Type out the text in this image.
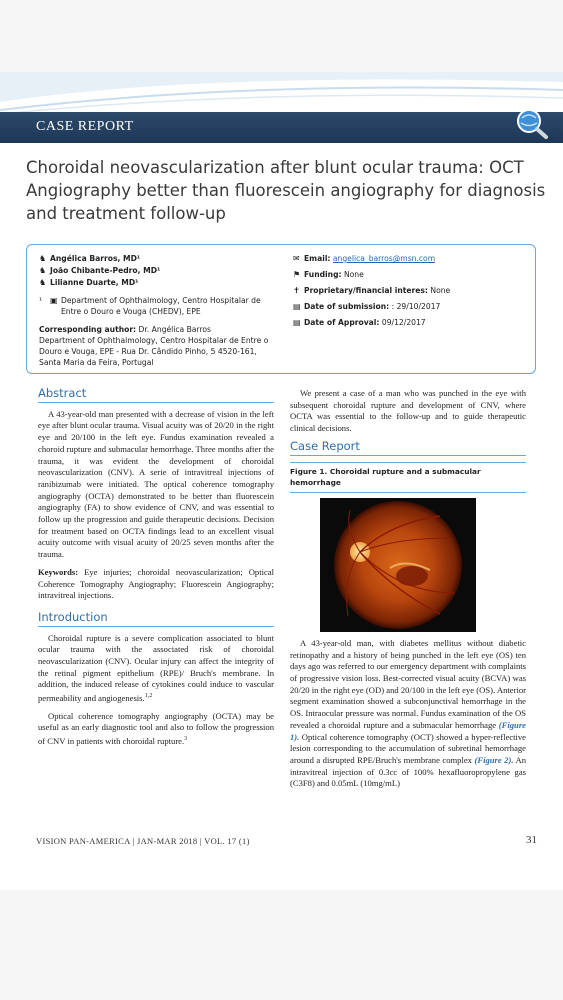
CASE REPORT
Choroidal neovascularization after blunt ocular trauma: OCT Angiography better than fluorescein angiography for diagnosis and treatment follow-up
♞ Angélica Barros, MD¹
♞ João Chibante-Pedro, MD¹
♞ Lilianne Duarte, MD¹
¹ ▣ Department of Ophthalmology, Centro Hospitalar de Entre o Douro e Vouga (CHEDV), EPE
Corresponding author: Dr. Angélica Barros
Department of Ophthalmology, Centro Hospitalar de Entre o Douro e Vouga, EPE - Rua Dr. Cândido Pinho, 5 4520-161, Santa Maria da Feira, Portugal
✉ Email:
angelica_barros@msn.com
⚑ Funding:
None
✝ Proprietary/financial interes:
None
▤ Date of submission:
: 29/10/2017
▤ Date of Approval:
09/12/2017
Abstract

A 43-year-old man presented with a decrease of vision in the left eye after blunt ocular trauma. Visual acuity was of 20/20 in the right eye and 20/100 in the left eye. Fundus examination revealed a choroid rupture and submacular hemorrhage. Three months after the trauma, it was evident the development of choroidal neovascularization (CNV). A serie of intravitreal injections of ranibizumab were initiated. The optical coherence tomography angiography (OCTA) demonstrated to be better than fluorescein angiography (FA) to show evidence of CNV, and was essential to follow up the progression and guide therapeutic decisions. Decision for treatment based on OCTA findings lead to an excellent visual acuity outcome with visual acuity of 20/25 seven months after the trauma.

Keywords: Eye injuries; choroidal neovascularization; Optical Coherence Tomography Angiography; Fluorescein Angiography; intravitreal injections.

Introduction

Choroidal rupture is a severe complication associated to blunt ocular trauma with the associated risk of choroidal neovascularization (CNV). Ocular injury can affect the integrity of the retinal pigment epithelium (RPE)/ Bruch's membrane. In addition, the induced release of cytokines could induce to vascular permeability and angiogenesis.$^{1,2}$

Optical coherence tomography angiography (OCTA) may be useful as an early diagnostic tool and also to follow the progression of CNV in patients with choroidal rupture.$^3$

We present a case of a man who was punched in the eye with subsequent choroidal rupture and development of CNV, where OCTA was essential to the follow-up and to guide therapeutic clinical decisions.

Case Report
Figure 1. Choroidal rupture and a submacular hemorrhage

A 43-year-old man, with diabetes mellitus without diabetic retinopathy and a history of being punched in the left eye (OS) ten days ago was referred to our emergency department with complaints of progressive vision loss. Best-corrected visual acuity (BCVA) was 20/20 in the right eye (OD) and 20/100 in the left eye (OS). Anterior segment examination showed a subconjunctival hemorrhage in the OS. Intraocular pressure was normal. Fundus examination of the OS revealed a choroidal rupture and a submacular hemorrhage (Figure 1). Optical coherence tomography (OCT) showed a hyper-reflective lesion corresponding to the accumulation of subretinal hemorrhage around a disrupted RPE/Bruch's membrane complex (Figure 2). An intravitreal injection of 0.3cc of 100% hexafluoropropylene gas (C3F8) and 0.05mL (10mg/mL)

VISION PAN-AMERICA | JAN-MAR 2018 | VOL. 17 (1)	31
